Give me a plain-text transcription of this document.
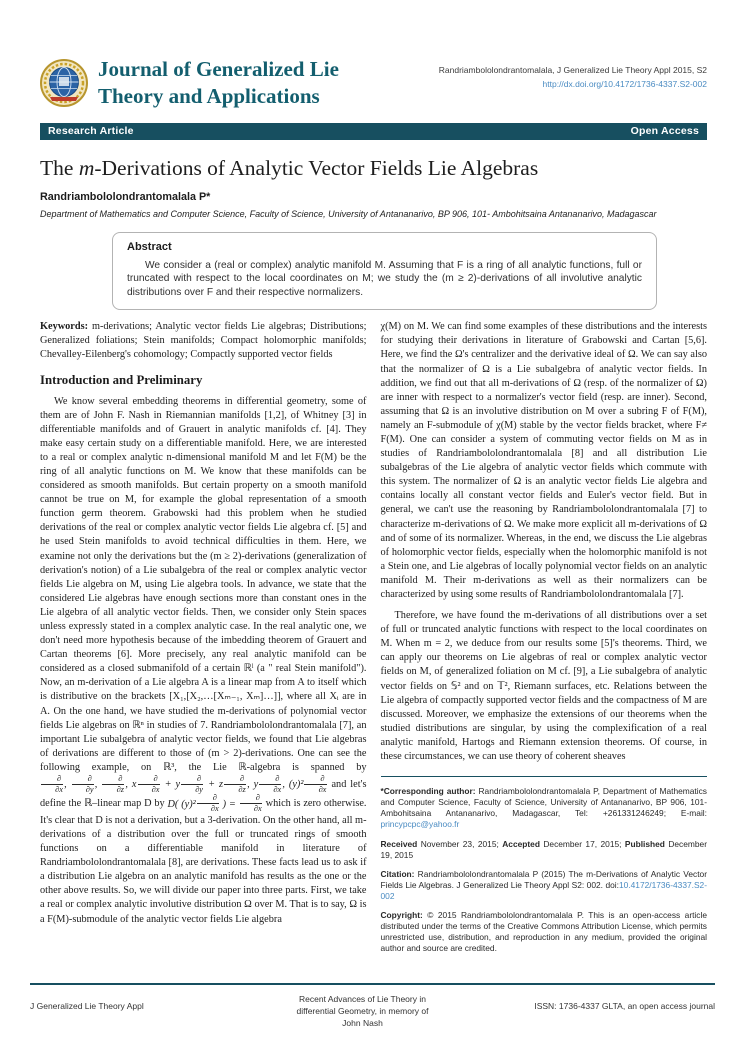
Journal of Generalized Lie
Theory and Applications
Randriambololondrantomalala, J Generalized Lie Theory Appl 2015, S2
http://dx.doi.org/10.4172/1736-4337.S2-002
Research Article	Open Access
The m-Derivations of Analytic Vector Fields Lie Algebras
Randriambololondrantomalala P*
Department of Mathematics and Computer Science, Faculty of Science, University of Antananarivo, BP 906, 101- Ambohitsaina Antananarivo, Madagascar
Abstract

We consider a (real or complex) analytic manifold M. Assuming that F is a ring of all analytic functions, full or truncated with respect to the local coordinates on M; we study the (m ≥ 2)-derivations of all involutive analytic distributions over F and their respective normalizers.

Keywords: m-derivations; Analytic vector fields Lie algebras; Distributions; Generalized foliations; Stein manifolds; Compact holomorphic manifolds; Chevalley-Eilenberg's cohomology; Compactly supported vector fields

Introduction and Preliminary

We know several embedding theorems in differential geometry, some of them are of John F. Nash in Riemannian manifolds [1,2], of Whitney [3] in differentiable manifolds and of Grauert in analytic manifolds cf. [4]. They make easy certain study on a differentiable manifold. Here, we are interested to a real or complex analytic n-dimensional manifold M and let F(M) be the ring of all analytic functions on M. We know that these manifolds can be considered as smooth manifolds. But certain property on a smooth manifold cannot be true on M, for example the global representation of a smooth function germ theorem. Grabowski had this problem when he studied derivations of the real or complex analytic vector fields Lie algebra cf. [5] and he used Stein manifolds to avoid technical difficulties in them. Here, we examine not only the derivations but the (m ≥ 2)-derivations (generalization of derivation's notion) of a Lie subalgebra of the real or complex analytic vector fields Lie algebra on M, using Lie algebra tools. In advance, we state that the considered Lie algebras have enough sections more than constant ones in the Lie algebra of all analytic vector fields. Then, we consider only Stein spaces unless expressly stated in a complex analytic case. In the real analytic one, we don't need more hypothesis because of the imbedding theorem of Grauert and Cartan theorems [6]. More precisely, any real analytic manifold can be considered as a closed submanifold of a certain ℝˡ (a " real Stein manifold"). Now, an m-derivation of a Lie algebra A is a linear map from A to itself which is distributive on the brackets [X₁,[X₂,…[Xₘ₋₁, Xₘ]…]], where all Xᵢ are in A. On the one hand, we have studied the m-derivations of polynomial vector fields Lie algebras on ℝⁿ in studies of 7. Randriambololondrantomalala [7], an important Lie subalgebra of analytic vector fields, we found that Lie algebras of derivations are different to those of (m > 2)-derivations. One can see the following example, on ℝ³, the Lie ℝ-algebra is spanned by
$\frac{\partial}{\partial x}$ , $\frac{\partial}{\partial y}$ , $\frac{\partial}{\partial z}$ , x $\frac{\partial}{\partial x} + y \frac{\partial}{\partial y} + z \frac{\partial}{\partial z}$ , y $\frac{\partial}{\partial x}$ , $(y)^2 \frac{\partial}{\partial x}$ and let's define the ℝ–linear map D by D( $(y)^2 \frac{\partial}{\partial x}$ ) = $\frac{\partial}{\partial x}$ which is zero otherwise. It's clear that D is not a derivation, but a 3-derivation. On the other hand, all m-derivations of a distribution over the full or truncated rings of smooth functions on a differentiable manifold in literature of Randriambololondrantomalala [8], are derivations. These facts lead us to ask if a distribution Lie algebra on an analytic manifold has results as the one or the other above results. So, we will divide our paper into three parts. First, we take a real or complex analytic involutive distribution Ω over M. That is to say, Ω is a F(M)-submodule of the analytic vector fields Lie algebra

χ(M) on M. We can find some examples of these distributions and the interests for studying their derivations in literature of Grabowski and Cartan [5,6]. Here, we find the Ω's centralizer and the derivative ideal of Ω. We can say also that the normalizer of Ω is a Lie subalgebra of analytic vector fields. In addition, we find out that all m-derivations of Ω (resp. of the normalizer of Ω) are inner with respect to a normalizer's vector field (resp. are inner). Second, assuming that Ω is an involutive distribution on M over a subring F of F(M), namely an F-submodule of χ(M) stable by the vector fields bracket, where F≠ F(M). One can consider a system of commuting vector fields on M as in studies of Randriambololondrantomalala [8] and all distribution Lie subalgebras of the Lie algebra of analytic vector fields which commute with this system. The normalizer of Ω is an analytic vector fields Lie algebra and contains locally all constant vector fields and Euler's vector field. But in general, we can't use the reasoning by Randriambololondrantomalala [7] to characterize m-derivations of Ω. We make more explicit all m-derivations of Ω and of some of its normalizer. Whereas, in the end, we discuss the Lie algebras of holomorphic vector fields, especially when the holomorphic manifold is not a Stein one, and Lie algebras of locally polynomial vector fields on an analytic manifold M. Their m-derivations as well as their normalizers can be characterized by using some results of Randriambololondrantomalala [7].

Therefore, we have found the m-derivations of all distributions over a set of full or truncated analytic functions with respect to the local coordinates on M. When m = 2, we deduce from our results some [5]'s theorems. Third, we can apply our theorems on Lie algebras of real or complex analytic vector fields on M, of generalized foliation on M cf. [9], a Lie subalgebra of analytic vector fields on 𝕊² and on 𝕋², Riemann surfaces, etc. Relations between the Lie algebra of compactly supported vector fields and the compactness of M are discussed. Moreover, we emphasize the extensions of our theorems when the studied distributions are singular, by using the complexification of a real analytic manifold, Hartogs and Riemann extension theorems. Of course, in these circumstances, we can use theory of coherent sheaves

*Corresponding author: Randriambololondrantomalala P, Department of Mathematics and Computer Science, Faculty of Science, University of Antananarivo, BP 906, 101- Ambohitsaina Antananarivo, Madagascar, Tel: +261331246249; E-mail: princypcpc@yahoo.fr

Received November 23, 2015; Accepted December 17, 2015; Published December 19, 2015

Citation: Randriambololondrantomalala P (2015) The m-Derivations of Analytic Vector Fields Lie Algebras. J Generalized Lie Theory Appl S2: 002. doi:10.4172/1736-4337.S2-002

Copyright: © 2015 Randriambololondrantomalala P. This is an open-access article distributed under the terms of the Creative Commons Attribution License, which permits unrestricted use, distribution, and reproduction in any medium, provided the original author and source are credited.

J Generalized Lie Theory Appl
Recent Advances of Lie Theory in
differential Geometry, in memory of
John Nash
ISSN: 1736-4337 GLTA, an open access journal
